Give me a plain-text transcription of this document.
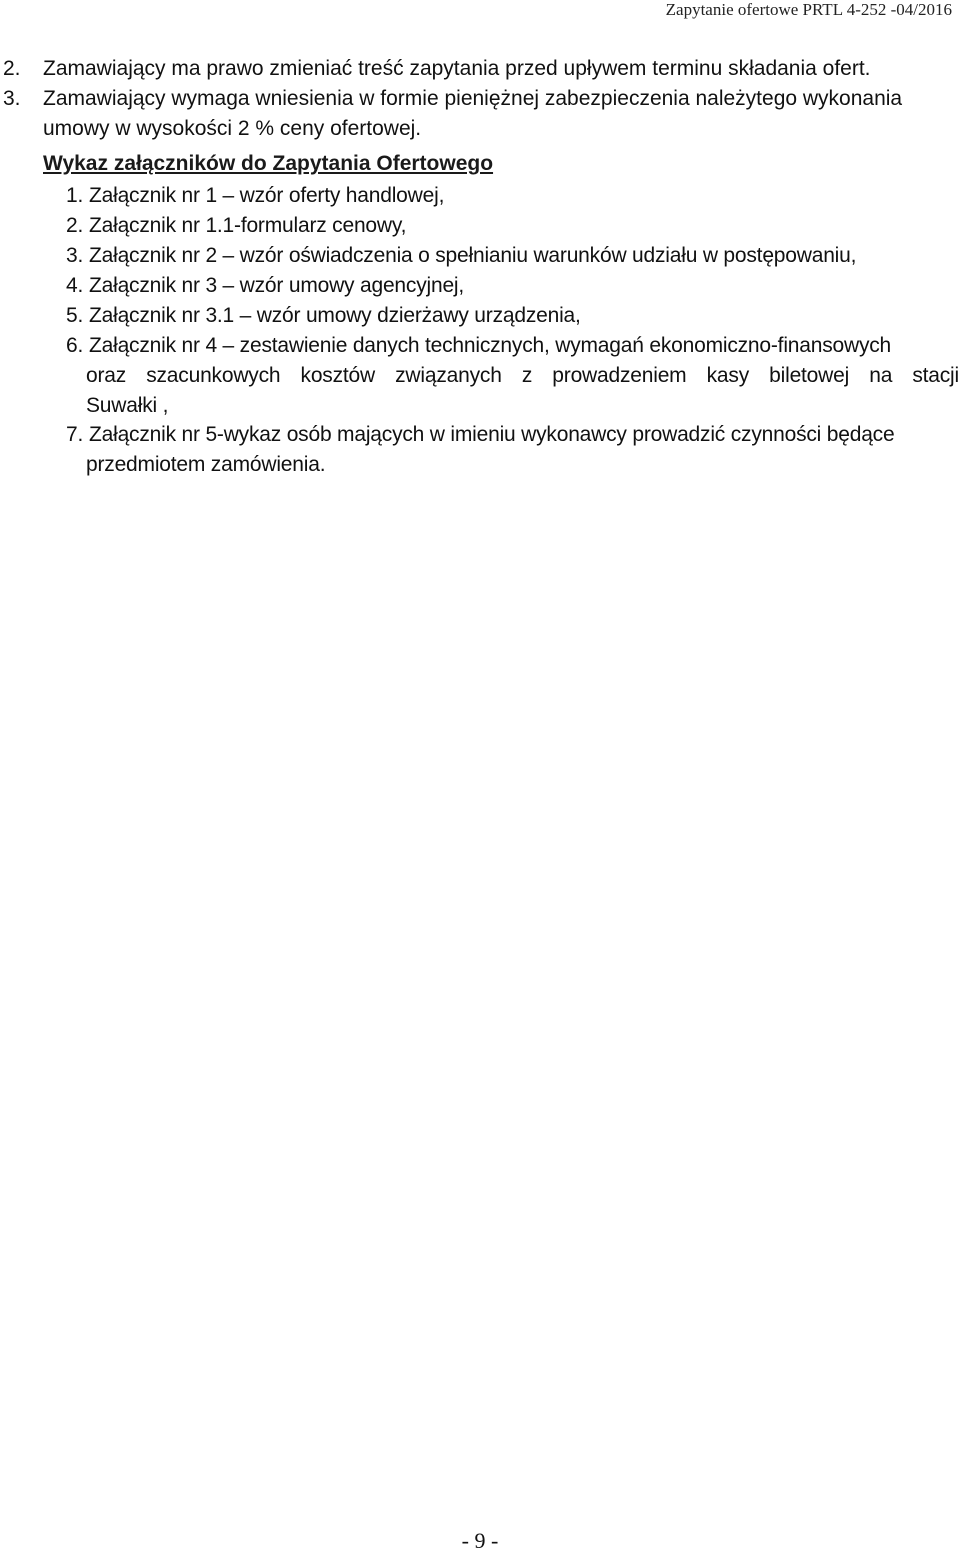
Zapytanie ofertowe PRTL 4-252 -04/2016
2. Zamawiający ma prawo zmieniać treść zapytania przed upływem terminu składania ofert.
3. Zamawiający wymaga wniesienia w formie pieniężnej zabezpieczenia należytego wykonania
umowy w wysokości 2 % ceny ofertowej.
Wykaz załączników do Zapytania Ofertowego
1. Załącznik nr 1 – wzór oferty handlowej,
2. Załącznik nr 1.1-formularz cenowy,
3. Załącznik nr 2 – wzór oświadczenia o spełnianiu warunków udziału w postępowaniu,
4. Załącznik nr 3 – wzór umowy agencyjnej,
5. Załącznik nr 3.1 – wzór umowy dzierżawy urządzenia,
6. Załącznik nr 4 – zestawienie danych technicznych, wymagań ekonomiczno-finansowych
oraz szacunkowych kosztów związanych z prowadzeniem kasy biletowej na stacji
Suwałki ,
7. Załącznik nr 5-wykaz osób mających w imieniu wykonawcy prowadzić czynności będące
przedmiotem zamówienia.
- 9 -
